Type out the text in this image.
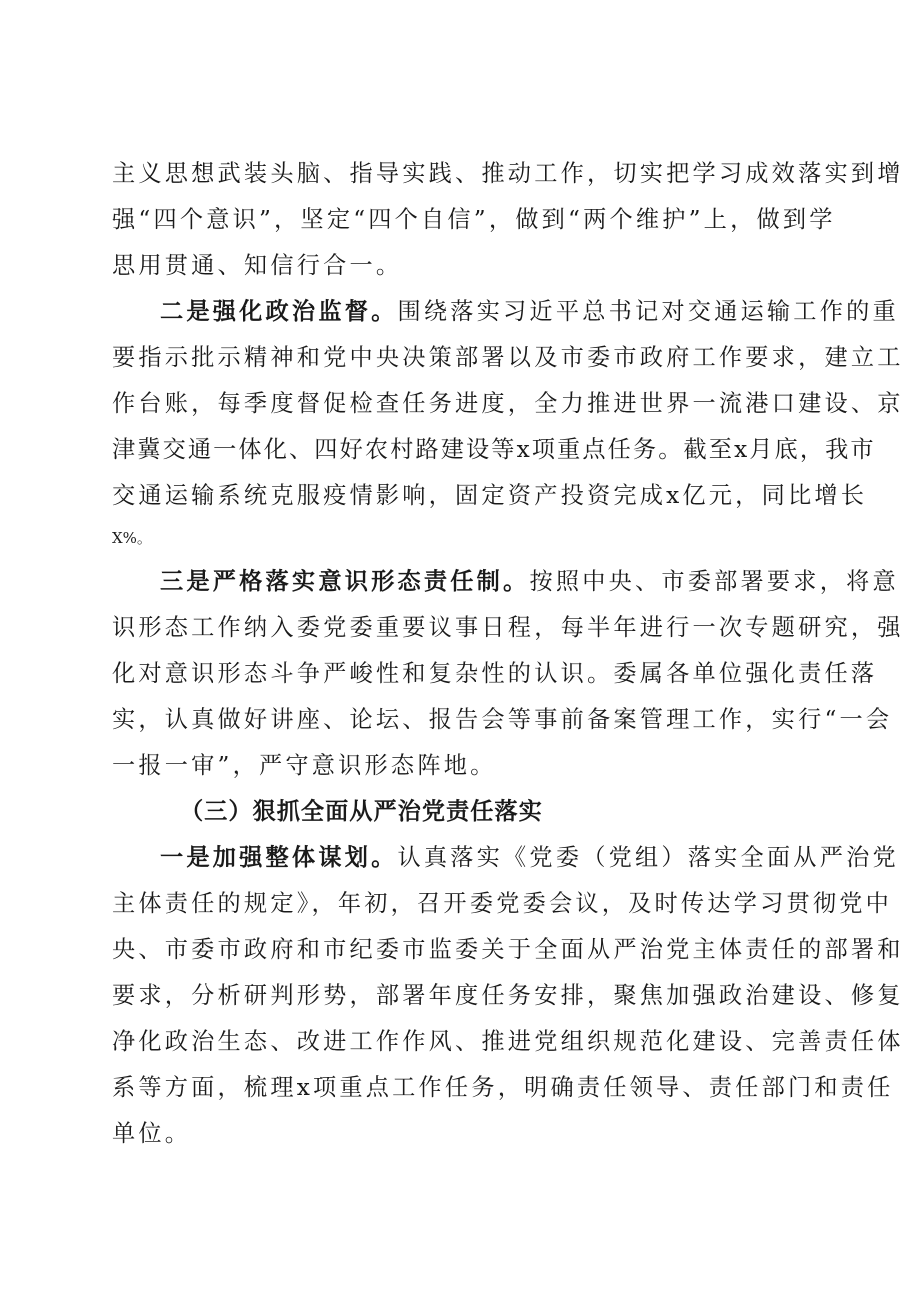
主义思想武装头脑、指导实践、推动工作，切实把学习成效落实到增
强“四个意识”，坚定“四个自信”，做到“两个维护”上，做到学
思用贯通、知信行合一。
二是强化政治监督。围绕落实习近平总书记对交通运输工作的重
要指示批示精神和党中央决策部署以及市委市政府工作要求，建立工
作台账，每季度督促检查任务进度，全力推进世界一流港口建设、京
津冀交通一体化、四好农村路建设等x项重点任务。截至x月底，我市
交通运输系统克服疫情影响，固定资产投资完成x亿元，同比增长
X%。
三是严格落实意识形态责任制。按照中央、市委部署要求，将意
识形态工作纳入委党委重要议事日程，每半年进行一次专题研究，强
化对意识形态斗争严峻性和复杂性的认识。委属各单位强化责任落
实，认真做好讲座、论坛、报告会等事前备案管理工作，实行“一会
一报一审”，严守意识形态阵地。
（三）狠抓全面从严治党责任落实
一是加强整体谋划。认真落实《党委（党组）落实全面从严治党
主体责任的规定》，年初，召开委党委会议，及时传达学习贯彻党中
央、市委市政府和市纪委市监委关于全面从严治党主体责任的部署和
要求，分析研判形势，部署年度任务安排，聚焦加强政治建设、修复
净化政治生态、改进工作作风、推进党组织规范化建设、完善责任体
系等方面，梳理x项重点工作任务，明确责任领导、责任部门和责任
单位。
